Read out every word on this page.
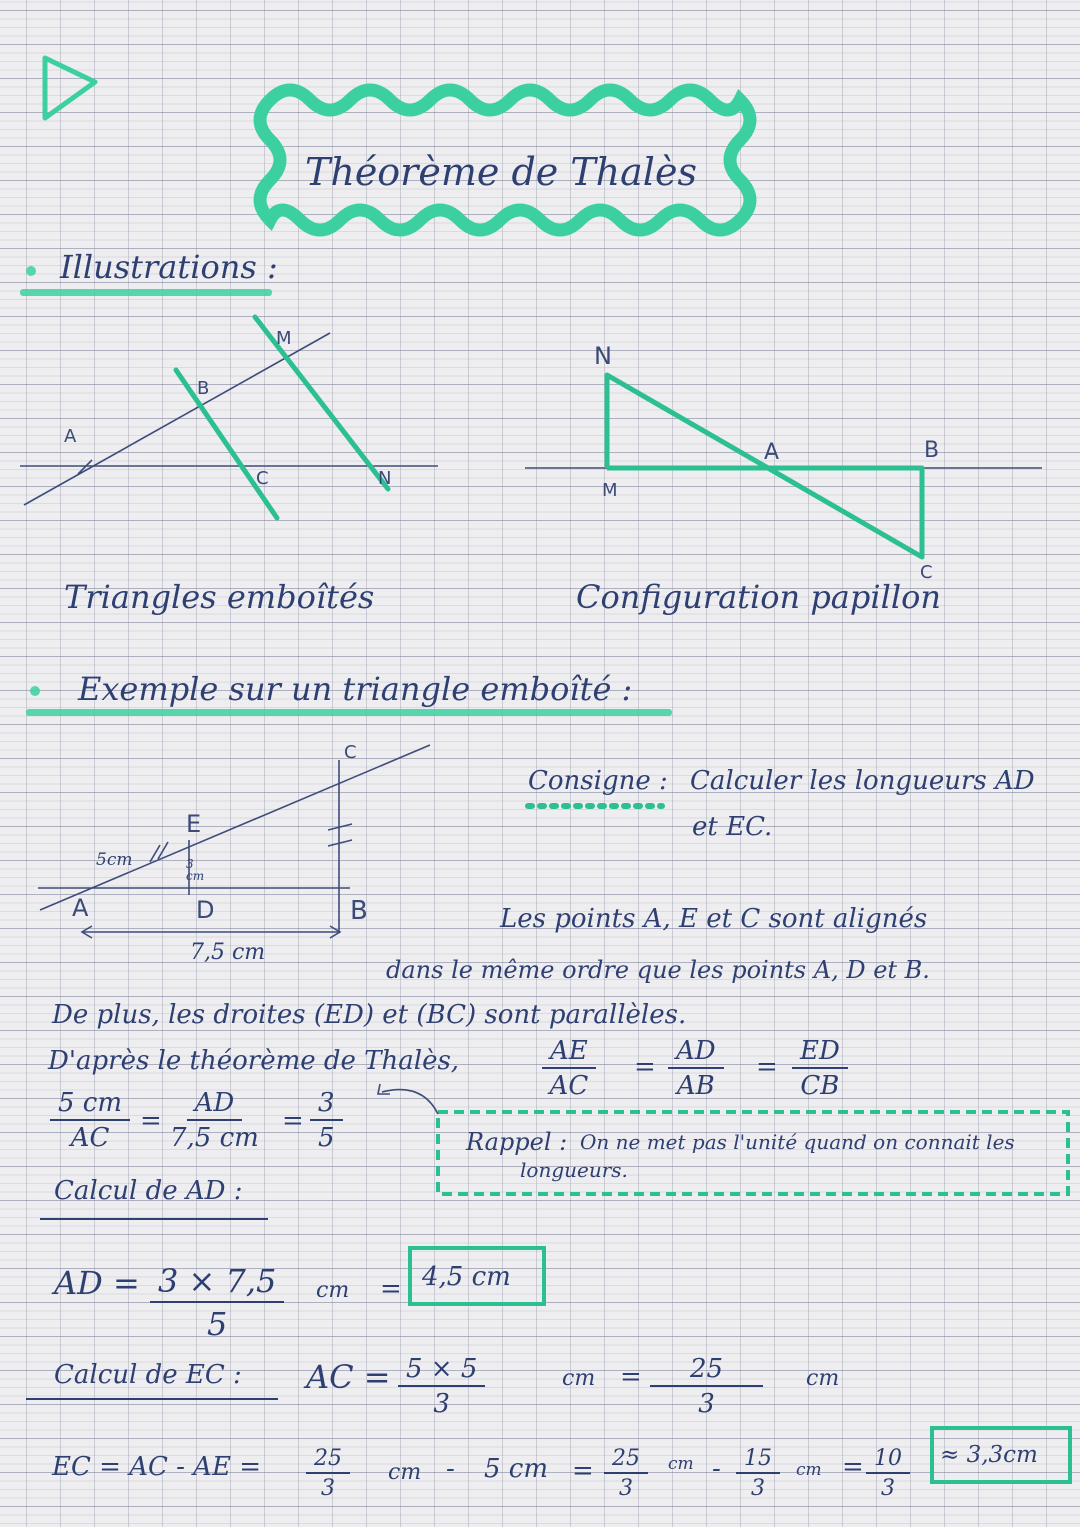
Théorème de Thalès
Illustrations :
Exemple sur un triangle emboîté :
A
B
M
C	N
Triangles emboîtés
N
M
A	B
C
Configuration papillon
C
E
A	D	B
5cm	3 cm
7,5 cm
Consigne : Calculer les longueurs AD
et EC.
Les points A, E et C sont alignés
dans le même ordre que les points A, D et B.
De plus, les droites (ED) et (BC) sont parallèles.
D'après le théorème de Thalès,	$\frac{AE}{AC} = \frac{AD}{AB} = \frac{ED}{CB}$
$\frac{5 cm}{AC} = \frac{AD}{7,5 cm} = \frac{3}{5}$	Rappel : On ne met pas l'unité quand on connait les
longueurs.
Calcul de AD :
AD = $\frac{3 \times 7,5}{5}$ cm = 4,5 cm
Calcul de EC : AC = $\frac{5 \times 5}{3}$	cm = $\frac{25}{3}$ cm
EC = AC - AE = $\frac{25}{3}$ cm - 5 cm = $\frac{25}{3}$ cm - $\frac{15}{3}$ cm = $\frac{10}{3} \approx 3,3cm$
